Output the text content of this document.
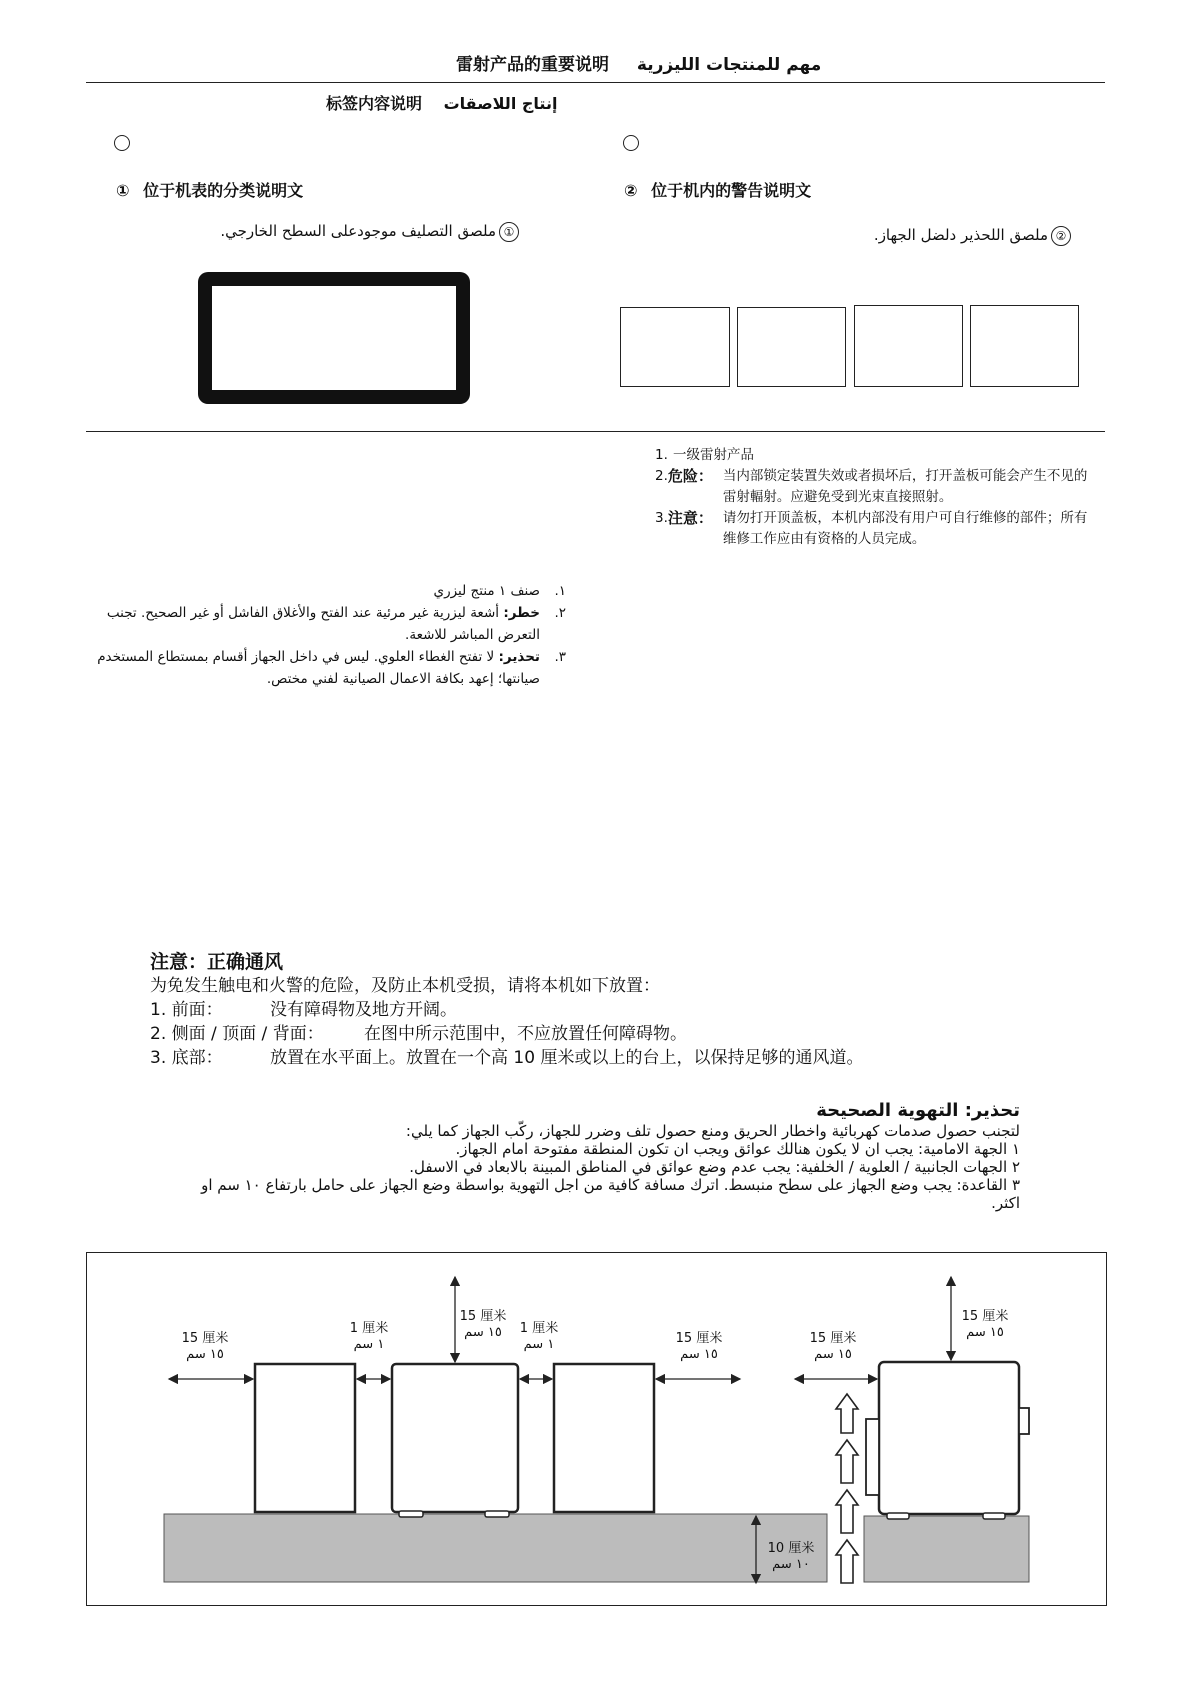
雷射产品的重要说明 مهم للمنتجات الليزرية
标签内容说明 إنتاج اللاصقات
① 位于机表的分类说明文
①ملصق التصليف موجودعلى السطح الخارجي.
② 位于机内的警告说明文
②ملصق اللحذير دلضل الجهاز.
1. 一级雷射产品
2. 危险： 当内部锁定装置失效或者损坏后，打开盖板可能会产生不见的雷射輻射。应避免受到光束直接照射。
3. 注意： 请勿打开顶盖板，本机内部没有用户可自行维修的部件；所有维修工作应由有资格的人员完成。
١.
صنف ١ منتج ليزري
٢.
خطر: أشعة ليزرية غير مرئية عند الفتح والأغلاق الفاشل أو غير الصحيح. تجنب التعرض المباشر للاشعة.
٣.
تحذير: لا تفتح الغطاء العلوي. ليس في داخل الجهاز أقسام بمستطاع المستخدم صيانتها؛ إعهد بكافة الاعمال الصيانية لفني مختص.
注意：正确通风
为免发生触电和火警的危险，及防止本机受损，请将本机如下放置：
1. 前面：	没有障碍物及地方开阔。
2. 侧面 / 顶面 / 背面： 在图中所示范围中，不应放置任何障碍物。
3. 底部：	放置在水平面上。放置在一个高 10 厘米或以上的台上，以保持足够的通风道。
تحذير: التهوية الصحيحة
لتجنب حصول صدمات كهربائية واخطار الحريق ومنع حصول تلف وضرر للجهاز، ركّب الجهاز كما يلي:
١ الجهة الامامية: يجب ان لا يكون هنالك عوائق ويجب ان تكون المنطقة مفتوحة امام الجهاز.
٢ الجهات الجانبية / العلوية / الخلفية: يجب عدم وضع عوائق في المناطق المبينة بالابعاد في الاسفل.
٣ القاعدة: يجب وضع الجهاز على سطح منبسط. اترك مسافة كافية من اجل التهوية بواسطة وضع الجهاز على حامل بارتفاع ١٠ سم او اكثر.
15 厘米
١٥ سم
1 厘米
١ سم
15 厘米
١٥ سم	1 厘米
١ سم	15 厘米
١٥ سم
15 厘米
١٥ سم
15 厘米
١٥ سم
10 厘米
١٠ سم
